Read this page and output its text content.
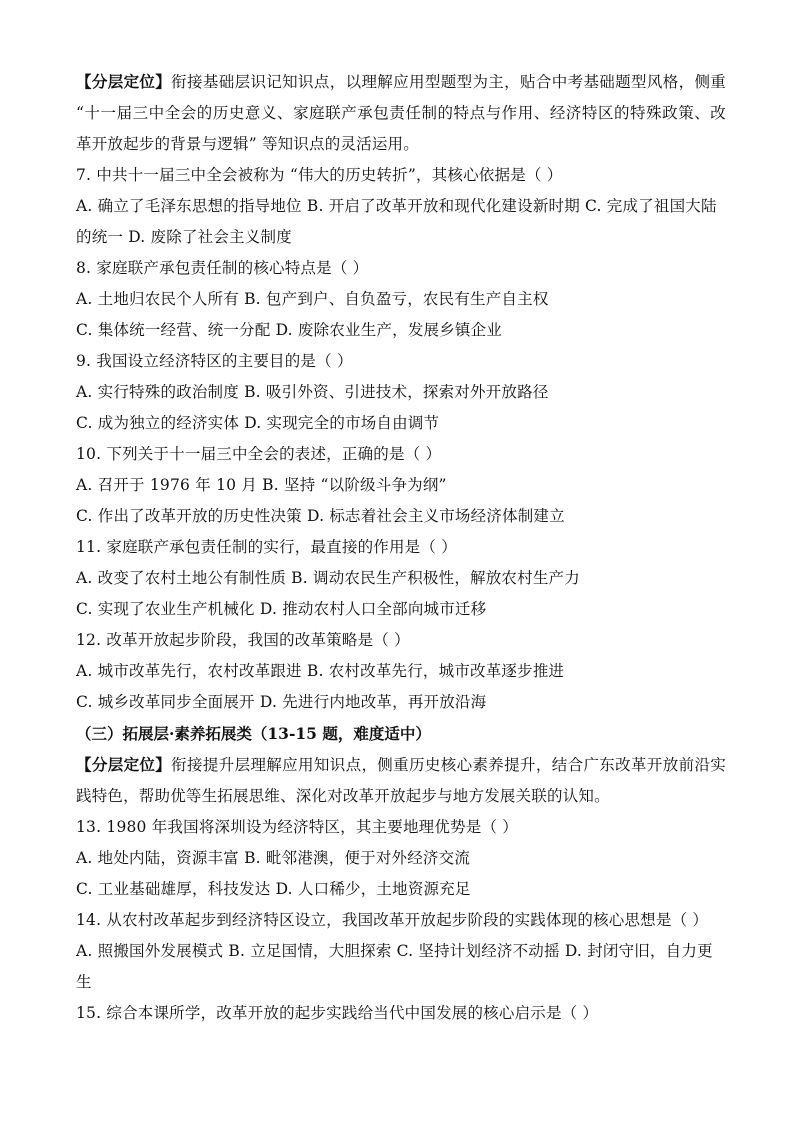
【分层定位】衔接基础层识记知识点，以理解应用型题型为主，贴合中考基础题型风格，侧重 “十一届三中全会的历史意义、家庭联产承包责任制的特点与作用、经济特区的特殊政策、改革开放起步的背景与逻辑” 等知识点的灵活运用。

7. 中共十一届三中全会被称为 “伟大的历史转折”，其核心依据是（ ）

A. 确立了毛泽东思想的指导地位 B. 开启了改革开放和现代化建设新时期 C. 完成了祖国大陆的统一 D. 废除了社会主义制度

8. 家庭联产承包责任制的核心特点是（ ）

A. 土地归农民个人所有 B. 包产到户、自负盈亏，农民有生产自主权

C. 集体统一经营、统一分配 D. 废除农业生产，发展乡镇企业

9. 我国设立经济特区的主要目的是（ ）

A. 实行特殊的政治制度 B. 吸引外资、引进技术，探索对外开放路径

C. 成为独立的经济实体 D. 实现完全的市场自由调节

10. 下列关于十一届三中全会的表述，正确的是（ ）

A. 召开于 1976 年 10 月 B. 坚持 “以阶级斗争为纲”

C. 作出了改革开放的历史性决策 D. 标志着社会主义市场经济体制建立

11. 家庭联产承包责任制的实行，最直接的作用是（ ）

A. 改变了农村土地公有制性质 B. 调动农民生产积极性，解放农村生产力

C. 实现了农业生产机械化 D. 推动农村人口全部向城市迁移

12. 改革开放起步阶段，我国的改革策略是（ ）

A. 城市改革先行，农村改革跟进 B. 农村改革先行，城市改革逐步推进

C. 城乡改革同步全面展开 D. 先进行内地改革，再开放沿海

（三）拓展层·素养拓展类（13-15 题，难度适中）

【分层定位】衔接提升层理解应用知识点，侧重历史核心素养提升，结合广东改革开放前沿实践特色，帮助优等生拓展思维、深化对改革开放起步与地方发展关联的认知。

13. 1980 年我国将深圳设为经济特区，其主要地理优势是（ ）

A. 地处内陆，资源丰富 B. 毗邻港澳，便于对外经济交流

C. 工业基础雄厚，科技发达 D. 人口稀少，土地资源充足

14. 从农村改革起步到经济特区设立，我国改革开放起步阶段的实践体现的核心思想是（ ）

A. 照搬国外发展模式 B. 立足国情，大胆探索 C. 坚持计划经济不动摇 D. 封闭守旧，自力更生

15. 综合本课所学，改革开放的起步实践给当代中国发展的核心启示是（ ）
